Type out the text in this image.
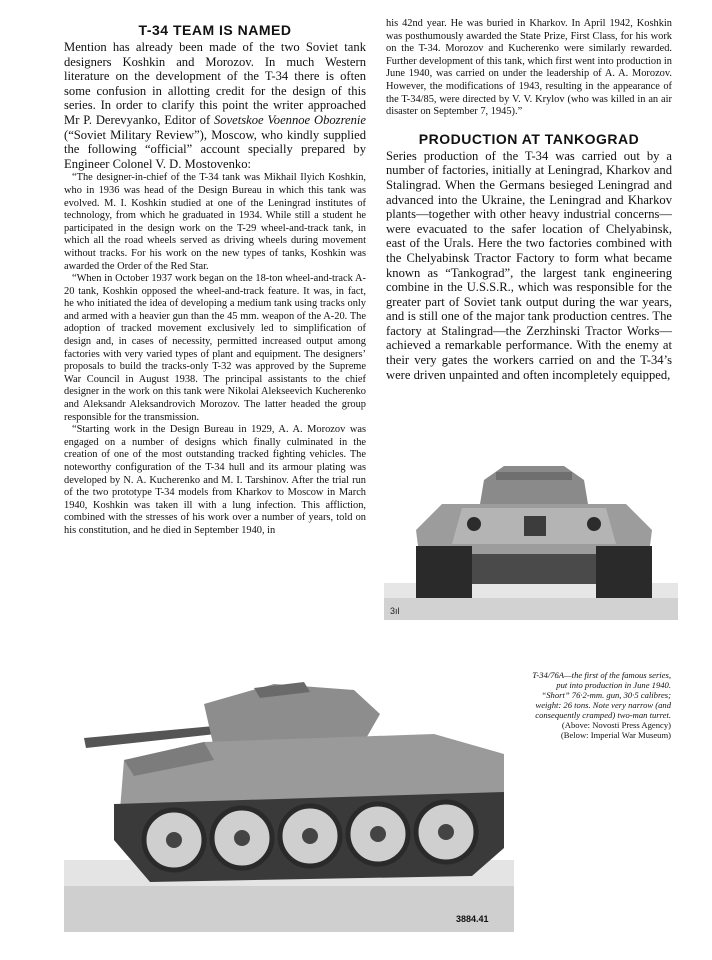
T-34 TEAM IS NAMED

Mention has already been made of the two Soviet tank designers Koshkin and Morozov. In much Western literature on the development of the T-34 there is often some confusion in allotting credit for the design of this series. In order to clarify this point the writer approached Mr P. Derevyanko, Editor of Sovetskoe Voennoe Obozrenie (“Soviet Military Review”), Moscow, who kindly supplied the following “official” account specially prepared by Engineer Colonel V. D. Mostovenko:

“The designer-in-chief of the T-34 tank was Mikhail Ilyich Koshkin, who in 1936 was head of the Design Bureau in which this tank was evolved. M. I. Koshkin studied at one of the Leningrad institutes of technology, from which he graduated in 1934. While still a student he participated in the design work on the T-29 wheel-and-track tank, in which all the road wheels served as driving wheels during movement without tracks. For his work on the new types of tanks, Koshkin was awarded the Order of the Red Star.

“When in October 1937 work began on the 18-ton wheel-and-track A-20 tank, Koshkin opposed the wheel-and-track feature. It was, in fact, he who initiated the idea of developing a medium tank using tracks only and armed with a heavier gun than the 45 mm. weapon of the A-20. The adoption of tracked movement exclusively led to simplification of design and, in cases of necessity, permitted increased output among factories with very varied types of plant and equipment. The designers’ proposals to build the tracks-only T-32 was approved by the Supreme War Council in August 1938. The principal assistants to the chief designer in the work on this tank were Nikolai Alekseevich Kucherenko and Aleksandr Aleksandrovich Morozov. The latter headed the group responsible for the transmission.

“Starting work in the Design Bureau in 1929, A. A. Morozov was engaged on a number of designs which finally culminated in the creation of one of the most outstanding tracked fighting vehicles. The noteworthy configuration of the T-34 hull and its armour plating was developed by N. A. Kucherenko and M. I. Tarshinov. After the trial run of the two prototype T-34 models from Kharkov to Moscow in March 1940, Koshkin was taken ill with a lung infection. This affliction, combined with the stresses of his work over a number of years, told on his constitution, and he died in September 1940, in

his 42nd year. He was buried in Kharkov. In April 1942, Koshkin was posthumously awarded the State Prize, First Class, for his work on the T-34. Morozov and Kucherenko were similarly rewarded. Further development of this tank, which first went into production in June 1940, was carried on under the leadership of A. A. Morozov. However, the modifications of 1943, resulting in the appearance of the T-34/85, were directed by V. V. Krylov (who was killed in an air disaster on September 7, 1945).”

PRODUCTION AT TANKOGRAD

Series production of the T-34 was carried out by a number of factories, initially at Leningrad, Kharkov and Stalingrad. When the Germans besieged Leningrad and advanced into the Ukraine, the Leningrad and Kharkov plants—together with other heavy industrial concerns—were evacuated to the safer location of Chelyabinsk, east of the Urals. Here the two factories combined with the Chelyabinsk Tractor Factory to form what became known as “Tankograd”, the largest tank engineering combine in the U.S.S.R., which was responsible for the greater part of Soviet tank output during the war years, and is still one of the major tank production centres. The factory at Stalingrad—the Zerzhinski Tractor Works—achieved a remarkable performance. With the enemy at their very gates the workers carried on and the T-34’s were driven unpainted and often incompletely equipped,

3ıl
3884.41
T-34/76A—the first of the famous series, put into production in June 1940. “Short” 76·2-mm. gun, 30·5 calibres; weight: 26 tons. Note very narrow (and consequently cramped) two-man turret.
(Above: Novosti Press Agency)
(Below: Imperial War Museum)
